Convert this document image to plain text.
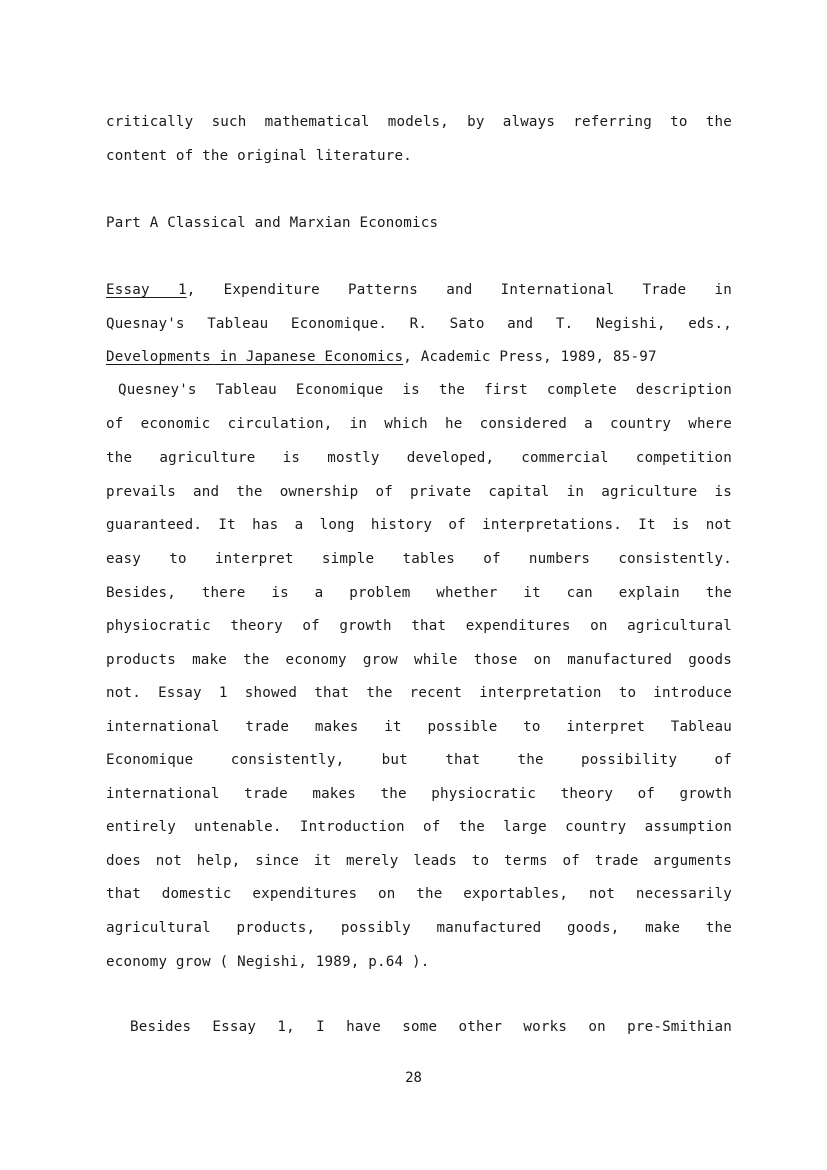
critically such mathematical models, by always referring to the
content of the original literature.
Part A Classical and Marxian Economics
Essay 1, Expenditure Patterns and International Trade in
Quesnay's Tableau Economique. R. Sato and T. Negishi, eds.,
Developments in Japanese Economics, Academic Press, 1989, 85-97
Quesney's Tableau Economique is the first complete description
of economic circulation, in which he considered a country where
the agriculture is mostly developed, commercial competition
prevails and the ownership of private capital in agriculture is
guaranteed. It has a long history of interpretations. It is not
easy to interpret simple tables of numbers consistently.
Besides, there is a problem whether it can explain the
physiocratic theory of growth that expenditures on agricultural
products make the economy grow while those on manufactured goods
not. Essay 1 showed that the recent interpretation to introduce
international trade makes it possible to interpret Tableau
Economique consistently, but that the possibility of
international trade makes the physiocratic theory of growth
entirely untenable. Introduction of the large country assumption
does not help, since it merely leads to terms of trade arguments
that domestic expenditures on the exportables, not necessarily
agricultural products, possibly manufactured goods, make the
economy grow ( Negishi, 1989, p.64 ).
Besides Essay 1, I have some other works on pre-Smithian
28
